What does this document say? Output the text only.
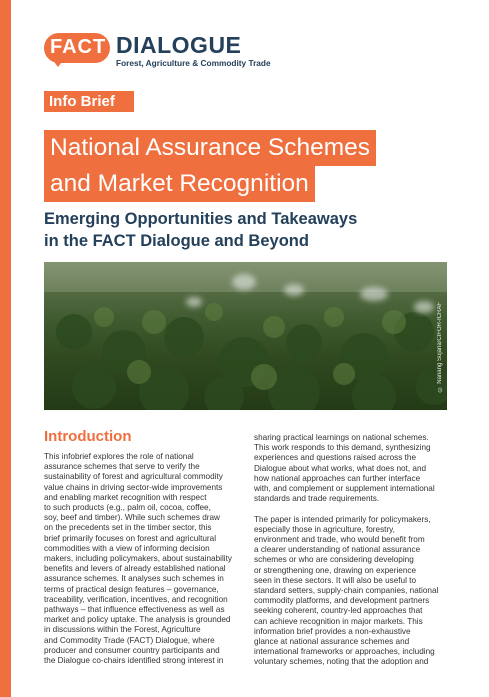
FACT DIALOGUE
Forest, Agriculture & Commodity Trade
Info Brief
National Assurance Schemes
and Market Recognition
Emerging Opportunities and Takeaways
in the FACT Dialogue and Beyond
© Nanang Sujana/CIFOR-ICRAF
Introduction

This infobrief explores the role of national

assurance schemes that serve to verify the

sustainability of forest and agricultural commodity

value chains in driving sector-wide improvements

and enabling market recognition with respect

to such products (e.g., palm oil, cocoa, coffee,

soy, beef and timber). While such schemes draw

on the precedents set in the timber sector, this

brief primarily focuses on forest and agricultural

commodities with a view of informing decision

makers, including policymakers, about sustainability

benefits and levers of already established national

assurance schemes. It analyses such schemes in

terms of practical design features – governance,

traceability, verification, incentives, and recognition

pathways – that influence effectiveness as well as

market and policy uptake. The analysis is grounded

in discussions within the Forest, Agriculture

and Commodity Trade (FACT) Dialogue, where

producer and consumer country participants and

the Dialogue co-chairs identified strong interest in

sharing practical learnings on national schemes.

This work responds to this demand, synthesizing

experiences and questions raised across the

Dialogue about what works, what does not, and

how national approaches can further interface

with, and complement or supplement international

standards and trade requirements.

The paper is intended primarily for policymakers,

especially those in agriculture, forestry,

environment and trade, who would benefit from

a clearer understanding of national assurance

schemes or who are considering developing

or strengthening one, drawing on experience

seen in these sectors. It will also be useful to

standard setters, supply-chain companies, national

commodity platforms, and development partners

seeking coherent, country-led approaches that

can achieve recognition in major markets. This

information brief provides a non-exhaustive

glance at national assurance schemes and

international frameworks or approaches, including

voluntary schemes, noting that the adoption and
